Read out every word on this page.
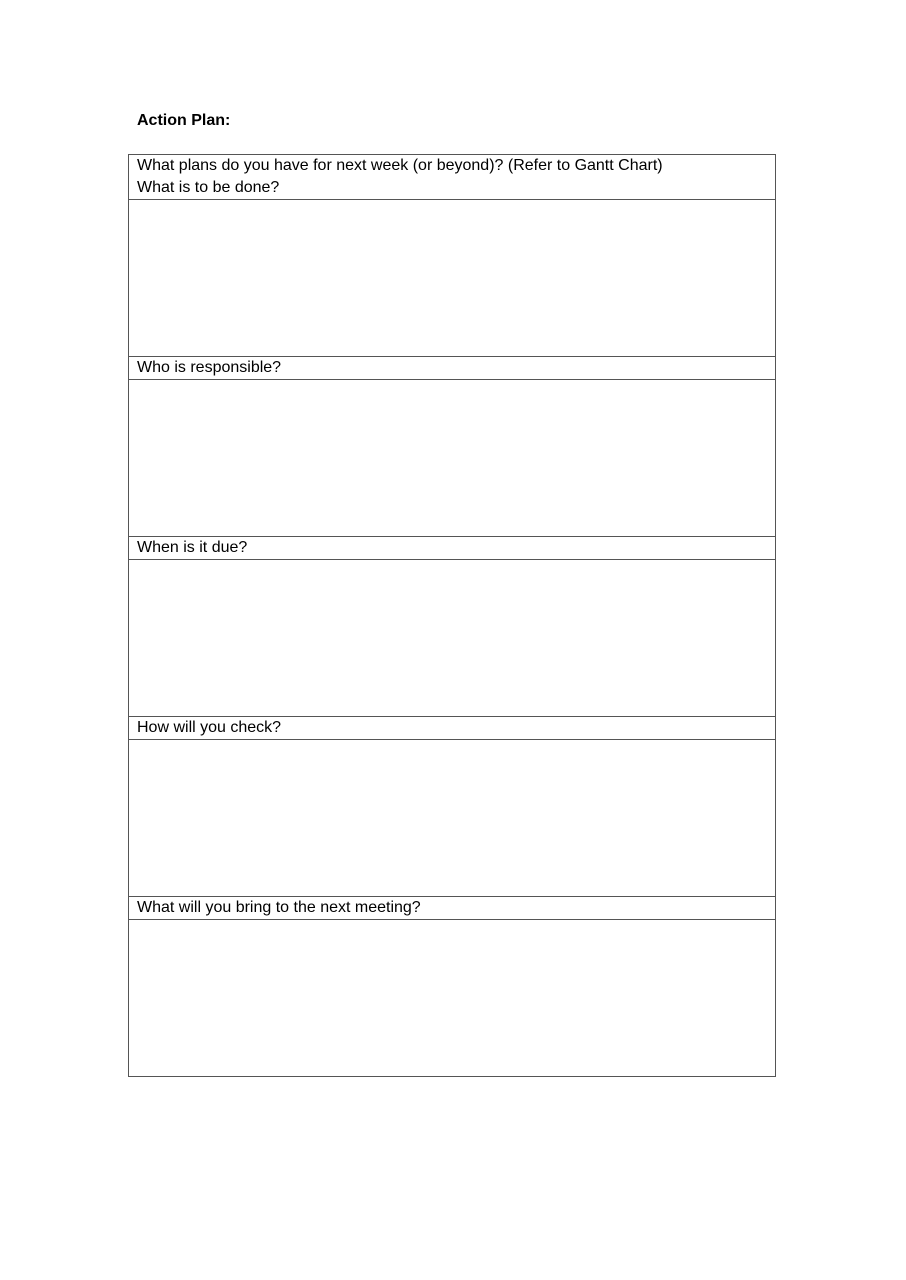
Action Plan:
What plans do you have for next week (or beyond)? (Refer to Gantt Chart)
What is to be done?

Who is responsible?

When is it due?

How will you check?

What will you bring to the next meeting?
